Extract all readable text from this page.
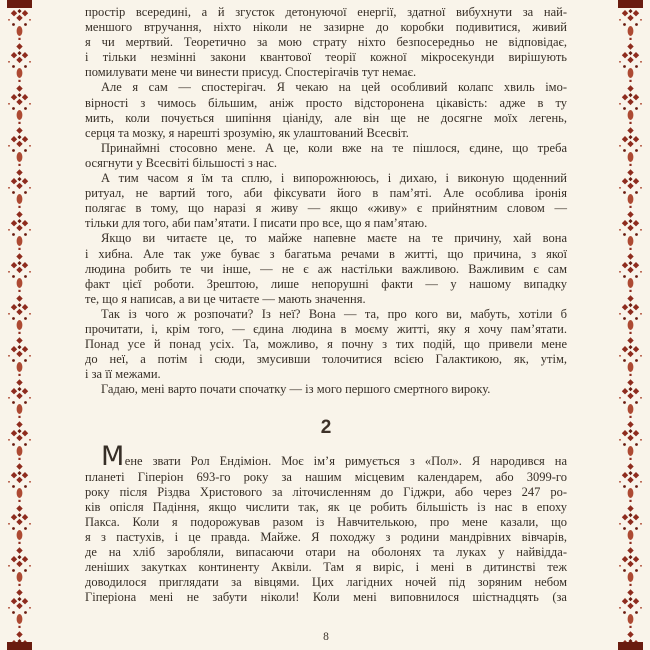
простір всередині, а й згусток детонуючої енергії, здатної вибухнути за най-
меншого втручання, ніхто ніколи не зазирне до коробки подивитися, живий
я чи мертвий. Теоретично за мою страту ніхто безпосередньо не відповідає,
і тільки незмінні закони квантової теорії кожної мікросекунди вирішують
помилувати мене чи винести присуд. Спостерігачів тут немає.
Але я сам — спостерігач. Я чекаю на цей особливий колапс хвиль імо-
вірності з чимось більшим, аніж просто відсторонена цікавість: адже в ту
мить, коли почується шипіння ціаніду, але він ще не досягне моїх легень,
серця та мозку, я нарешті зрозумію, як улаштований Всесвіт.
Принаймні стосовно мене. А це, коли вже на те пішлося, єдине, що треба
осягнути у Всесвіті більшості з нас.
А тим часом я їм та сплю, і випорожнююсь, і дихаю, і виконую щоденний
ритуал, не вартий того, аби фіксувати його в пам’яті. Але особлива іронія
полягає в тому, що наразі я живу — якщо «живу» є прийнятним словом —
тільки для того, аби пам’ятати. І писати про все, що я пам’ятаю.
Якщо ви читаєте це, то майже напевне маєте на те причину, хай вона
і хибна. Але так уже буває з багатьма речами в житті, що причина, з якої
людина робить те чи інше, — не є аж настільки важливою. Важливим є сам
факт цієї роботи. Зрештою, лише непорушні факти — у нашому випадку
те, що я написав, а ви це читаєте — мають значення.
Так із чого ж розпочати? Із неї? Вона — та, про кого ви, мабуть, хотіли б
прочитати, і, крім того, — єдина людина в моєму житті, яку я хочу пам’ятати.
Понад усе й понад усіх. Та, можливо, я почну з тих подій, що привели мене
до неї, а потім і сюди, змусивши толочитися всією Галактикою, як, утім,
і за її межами.
Гадаю, мені варто почати спочатку — із мого першого смертного вироку.
2
Мене звати Рол Ендіміон. Моє ім’я римується з «Пол». Я народився на
планеті Гіперіон 693-го року за нашим місцевим календарем, або 3099-го
року після Різдва Христового за літочисленням до Гіджри, або через 247 ро-
ків опісля Падіння, якщо числити так, як це робить більшість із нас в епоху
Пакса. Коли я подорожував разом із Навчителькою, про мене казали, що
я з пастухів, і це правда. Майже. Я походжу з родини мандрівних вівчарів,
де на хліб заробляли, випасаючи отари на оболонях та луках у найвідда-
леніших закутках континенту Аквіли. Там я виріс, і мені в дитинстві теж
доводилося приглядати за вівцями. Цих лагідних ночей під зоряним небом
Гіперіона мені не забути ніколи! Коли мені виповнилося шістнадцять (за
8
